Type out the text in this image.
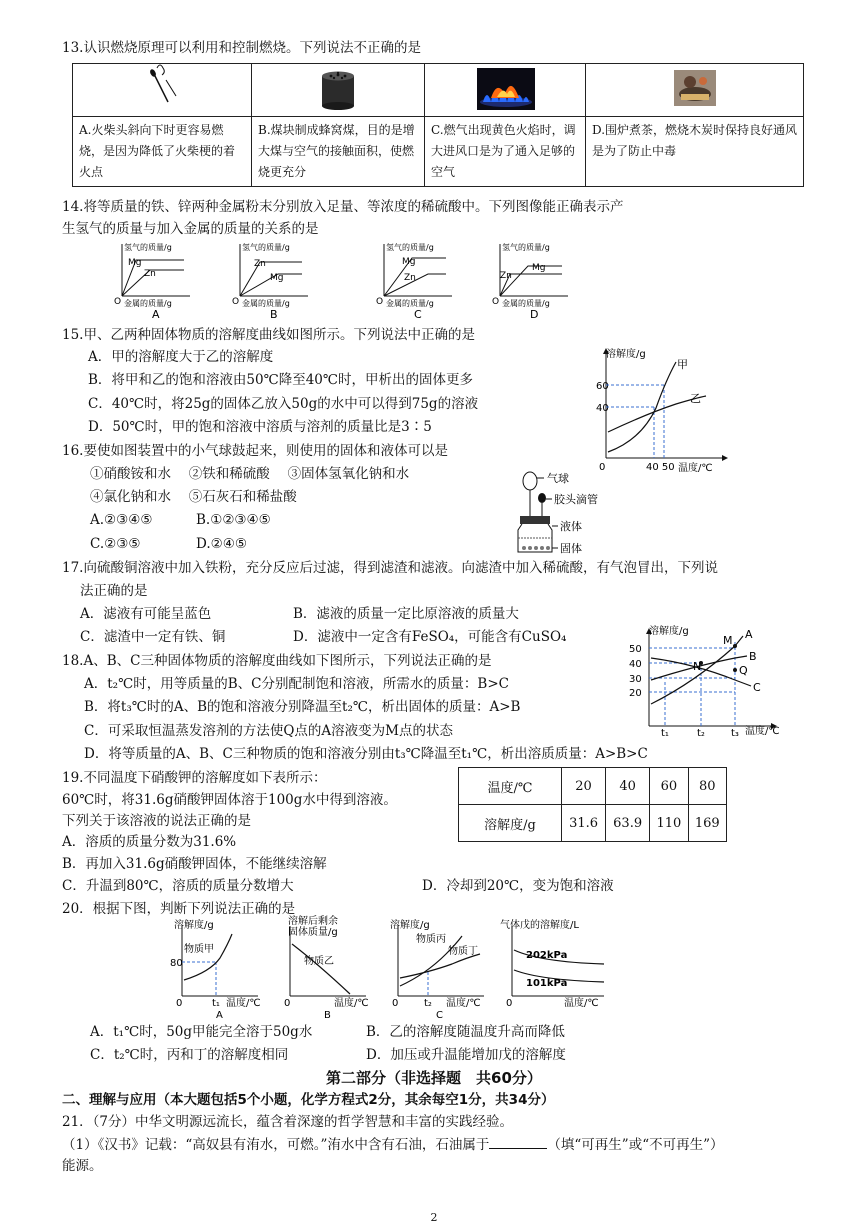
13.认识燃烧原理可以利用和控制燃烧。下列说法不正确的是

A.火柴头斜向下时更容易燃烧，是因为降低了火柴梗的着火点	B.煤块制成蜂窝煤，目的是增大煤与空气的接触面积，使燃烧更充分	C.燃气出现黄色火焰时，调大进风口是为了通入足够的空气	D.围炉煮茶，燃烧木炭时保持良好通风是为了防止中毒
14.将等质量的铁、锌两种金属粉末分别放入足量、等浓度的稀硫酸中。下列图像能正确表示产
生氢气的质量与加入金属的质量的关系的是
氢气的质量/g
金属的质量/g
O
Mg
Zn
A
氢气的质量/g
金属的质量/g
O
Zn
Mg
B
氢气的质量/g
金属的质量/g
O
Mg
Zn
C
氢气的质量/g
金属的质量/g
O
Mg
Zn
D
15.甲、乙两种固体物质的溶解度曲线如图所示。下列说法中正确的是
A．甲的溶解度大于乙的溶解度
B．将甲和乙的饱和溶液由50℃降至40℃时，甲析出的固体更多
C．40℃时，将25g的固体乙放入50g的水中可以得到75g的溶液
D．50℃时，甲的饱和溶液中溶质与溶剂的质量比是3∶5
溶解度/g
60
40
甲
乙
0	40 50 温度/℃
16.要使如图装置中的小气球鼓起来，则使用的固体和液体可以是
①硝酸铵和水　 ②铁和稀硫酸　 ③固体氢氧化钠和水
④氯化钠和水　 ⑤石灰石和稀盐酸
A.②③④⑤	B.①②③④⑤
C.②③⑤	D.②④⑤
气球
胶头滴管
液体
固体
17.向硫酸铜溶液中加入铁粉，充分反应后过滤，得到滤渣和滤液。向滤渣中加入稀硫酸，有气泡冒出，下列说
法正确的是
A．滤液有可能呈蓝色	B．滤液的质量一定比原溶液的质量大
C．滤渣中一定有铁、铜	D．滤液中一定含有FeSO₄，可能含有CuSO₄
18.A、B、C三种固体物质的溶解度曲线如下图所示，下列说法正确的是
A．t₂℃时，用等质量的B、C分别配制饱和溶液，所需水的质量：B>C
B．将t₃℃时的A、B的饱和溶液分别降温至t₂℃，析出固体的质量：A>B
C．可采取恒温蒸发溶剂的方法使Q点的A溶液变为M点的状态
D．将等质量的A、B、C三种物质的饱和溶液分别由t₃℃降温至t₁℃，析出溶质质量：A>B>C
溶解度/g
50
40
30
20
M A
B
N	Q
C
t₁	t₂	t₃ 温度/℃
19.不同温度下硝酸钾的溶解度如下表所示：
60℃时，将31.6g硝酸钾固体溶于100g水中得到溶液。
下列关于该溶液的说法正确的是
温度/℃	20	40	60	80
溶解度/g	31.6	63.9	110	169
A．溶质的质量分数为31.6%
B．再加入31.6g硝酸钾固体，不能继续溶解
C．升温到80℃，溶质的质量分数增大	D．冷却到20℃，变为饱和溶液
20．根据下图，判断下列说法正确的是
溶解度/g
物质甲
80
0	t₁ 温度/℃
A
溶解后剩余
固体质量/g
物质乙
0	温度/℃
B
溶解度/g
物质丙
物质丁
0	t₂ 温度/℃
C
气体戊的溶解度/L
202kPa
101kPa
0	温度/℃
A．t₁℃时，50g甲能完全溶于50g水	B．乙的溶解度随温度升高而降低
C．t₂℃时，丙和丁的溶解度相同	D．加压或升温能增加戊的溶解度
第二部分（非选择题　共60分）
二、理解与应用（本大题包括5个小题，化学方程式2分，其余每空1分，共34分）
21．（7分）中华文明源远流长，蕴含着深邃的哲学智慧和丰富的实践经验。
（1）《汉书》记载：“高奴县有洧水，可燃。”洧水中含有石油，石油属于	（填“可再生”或“不可再生”）
能源。
2
